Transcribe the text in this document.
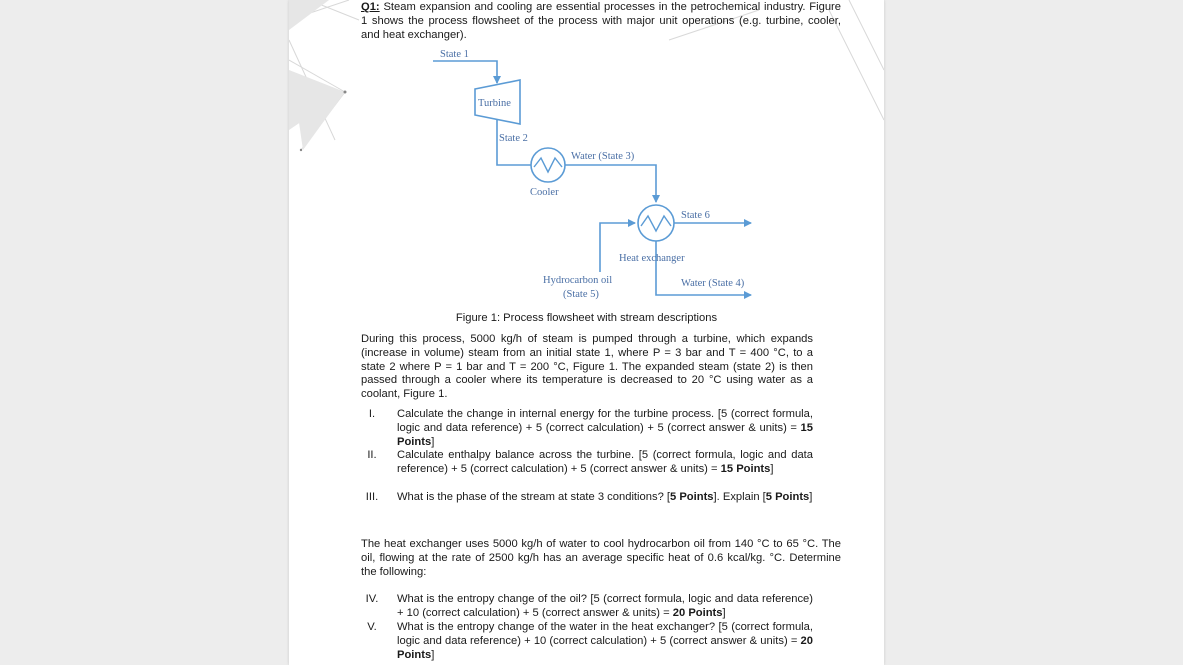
Q1: Steam expansion and cooling are essential processes in the petrochemical industry. Figure 1 shows the process flowsheet of the process with major unit operations (e.g. turbine, cooler, and heat exchanger).
State 1
Turbine
State 2
Water (State 3)
Cooler
State 6
Heat exchanger
Hydrocarbon oil
(State 5)
Water (State 4)
Figure 1: Process flowsheet with stream descriptions
During this process, 5000 kg/h of steam is pumped through a turbine, which expands (increase in volume) steam from an initial state 1, where P = 3 bar and T = 400 °C, to a state 2 where P = 1 bar and T = 200 °C, Figure 1. The expanded steam (state 2) is then passed through a cooler where its temperature is decreased to 20 °C using water as a coolant, Figure 1.
I.	Calculate the change in internal energy for the turbine process. [5 (correct formula, logic and data reference) + 5 (correct calculation) + 5 (correct answer & units) = 15 Points]
II.	Calculate enthalpy balance across the turbine. [5 (correct formula, logic and data reference) + 5 (correct calculation) + 5 (correct answer & units) = 15 Points]
III.	What is the phase of the stream at state 3 conditions? [5 Points]. Explain [5 Points]
The heat exchanger uses 5000 kg/h of water to cool hydrocarbon oil from 140 °C to 65 °C. The oil, flowing at the rate of 2500 kg/h has an average specific heat of 0.6 kcal/kg. °C. Determine the following:
IV.	What is the entropy change of the oil? [5 (correct formula, logic and data reference) + 10 (correct calculation) + 5 (correct answer & units) = 20 Points]
V.	What is the entropy change of the water in the heat exchanger? [5 (correct formula, logic and data reference) + 10 (correct calculation) + 5 (correct answer & units) = 20 Points]
